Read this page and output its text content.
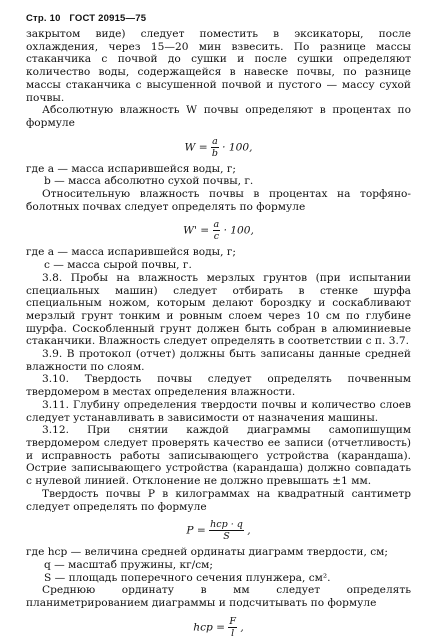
Стр. 10 ГОСТ 20915—75

закрытом виде) следует поместить в эксикаторы, после охлаждения, через 15—20 мин взвесить. По разнице массы стаканчика с почвой до сушки и после сушки определяют количество воды, содержащейся в навеске почвы, по разнице массы стаканчика с высушенной почвой и пустого — массу сухой почвы.

Абсолютную влажность W почвы определяют в процентах по формуле

$W = \frac{a}{b} \cdot 100$,

где a — масса испарившейся воды, г;

b — масса абсолютно сухой почвы, г.

Относительную влажность почвы в процентах на торфяно-болотных почвах следует определять по формуле

$W' = \frac{a}{c} \cdot 100$,

где a — масса испарившейся воды, г;

c — масса сырой почвы, г.

3.8. Пробы на влажность мерзлых грунтов (при испытании специальных машин) следует отбирать в стенке шурфа специальным ножом, которым делают бороздку и соскабливают мерзлый грунт тонким и ровным слоем через 10 см по глубине шурфа. Соскобленный грунт должен быть собран в алюминиевые стаканчики. Влажность следует определять в соответствии с п. 3.7.

3.9. В протокол (отчет) должны быть записаны данные средней влажности по слоям.

3.10. Твердость почвы следует определять почвенным твердомером в местах определения влажности.

3.11. Глубину определения твердости почвы и количество слоев следует устанавливать в зависимости от назначения машины.

3.12. При снятии каждой диаграммы самопишущим твердомером следует проверять качество ее записи (отчетливость) и исправность работы записывающего устройства (карандаша). Острие записывающего устройства (карандаша) должно совпадать с нулевой линией. Отклонение не должно превышать ±1 мм.

Твердость почвы P в килограммах на квадратный сантиметр следует определять по формуле

$P = \frac{\text{hср · q}}{S}$ ,

где hср — величина средней ординаты диаграмм твердости, см;

q — масштаб пружины, кг/см;

S — площадь поперечного сечения плунжера, см².

Среднюю ординату в мм следует определять планиметрированием диаграммы и подсчитывать по формуле

hср = $\frac{F}{l}$ ,
